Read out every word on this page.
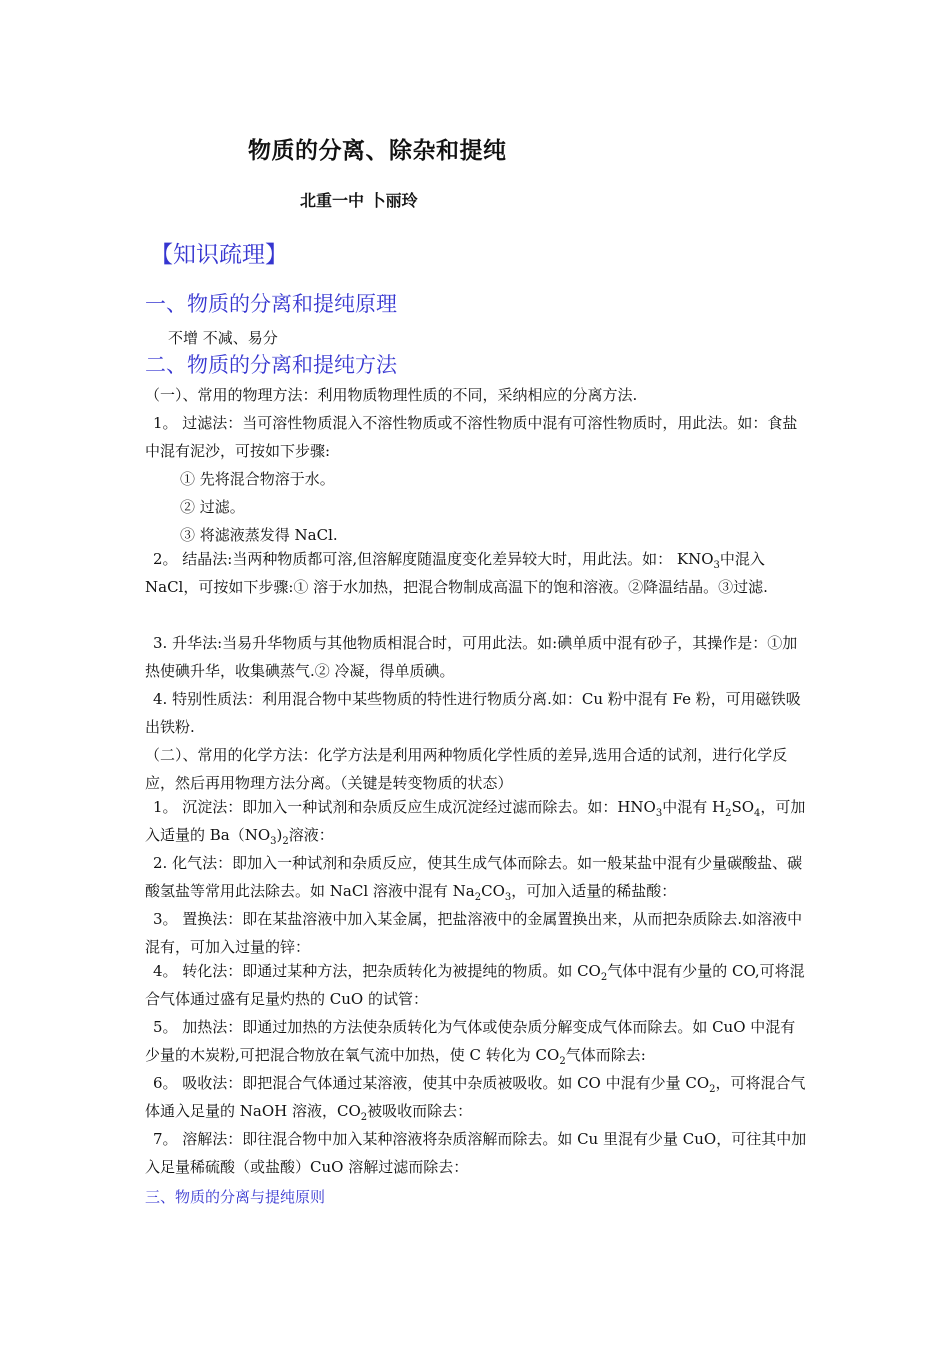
物质的分离、除杂和提纯
北重一中 卜丽玲
【知识疏理】
一、物质的分离和提纯原理
不增 不减、易分
二、物质的分离和提纯方法
（一）、常用的物理方法：利用物质物理性质的不同，采纳相应的分离方法.
1。 过滤法：当可溶性物质混入不溶性物质或不溶性物质中混有可溶性物质时，用此法。如：食盐中混有泥沙，可按如下步骤:
① 先将混合物溶于水。
② 过滤。
③ 将滤液蒸发得 NaCl.
2。 结晶法:当两种物质都可溶,但溶解度随温度变化差异较大时，用此法。如： $KNO_3$中混入 NaCl，可按如下步骤:① 溶于水加热，把混合物制成高温下的饱和溶液。②降温结晶。③过滤.
3. 升华法:当易升华物质与其他物质相混合时，可用此法。如:碘单质中混有砂子，其操作是：①加热使碘升华，收集碘蒸气.② 冷凝，得单质碘。
4. 特别性质法：利用混合物中某些物质的特性进行物质分离.如：Cu 粉中混有 Fe 粉，可用磁铁吸出铁粉.
（二）、常用的化学方法：化学方法是利用两种物质化学性质的差异,选用合适的试剂，进行化学反应，然后再用物理方法分离。（关键是转变物质的状态）
1。 沉淀法：即加入一种试剂和杂质反应生成沉淀经过滤而除去。如：$HNO_3$中混有 $H_2SO_4$，可加入适量的 $Ba(NO_3)_2$溶液：
2. 化气法：即加入一种试剂和杂质反应，使其生成气体而除去。如一般某盐中混有少量碳酸盐、碳酸氢盐等常用此法除去。如 NaCl 溶液中混有 $Na_2CO_3$，可加入适量的稀盐酸：
3。 置换法：即在某盐溶液中加入某金属，把盐溶液中的金属置换出来，从而把杂质除去.如溶液中混有，可加入过量的锌：
4。 转化法：即通过某种方法，把杂质转化为被提纯的物质。如 $CO_2$气体中混有少量的 CO,可将混合气体通过盛有足量灼热的 CuO 的试管：
5。 加热法：即通过加热的方法使杂质转化为气体或使杂质分解变成气体而除去。如 CuO 中混有少量的木炭粉,可把混合物放在氧气流中加热，使 C 转化为 $CO_2$气体而除去:
6。 吸收法：即把混合气体通过某溶液，使其中杂质被吸收。如 CO 中混有少量 $CO_2$，可将混合气体通入足量的 NaOH 溶液，$CO_2$被吸收而除去：
7。 溶解法：即往混合物中加入某种溶液将杂质溶解而除去。如 Cu 里混有少量 CuO，可往其中加入足量稀硫酸（或盐酸）CuO 溶解过滤而除去：
三、物质的分离与提纯原则
